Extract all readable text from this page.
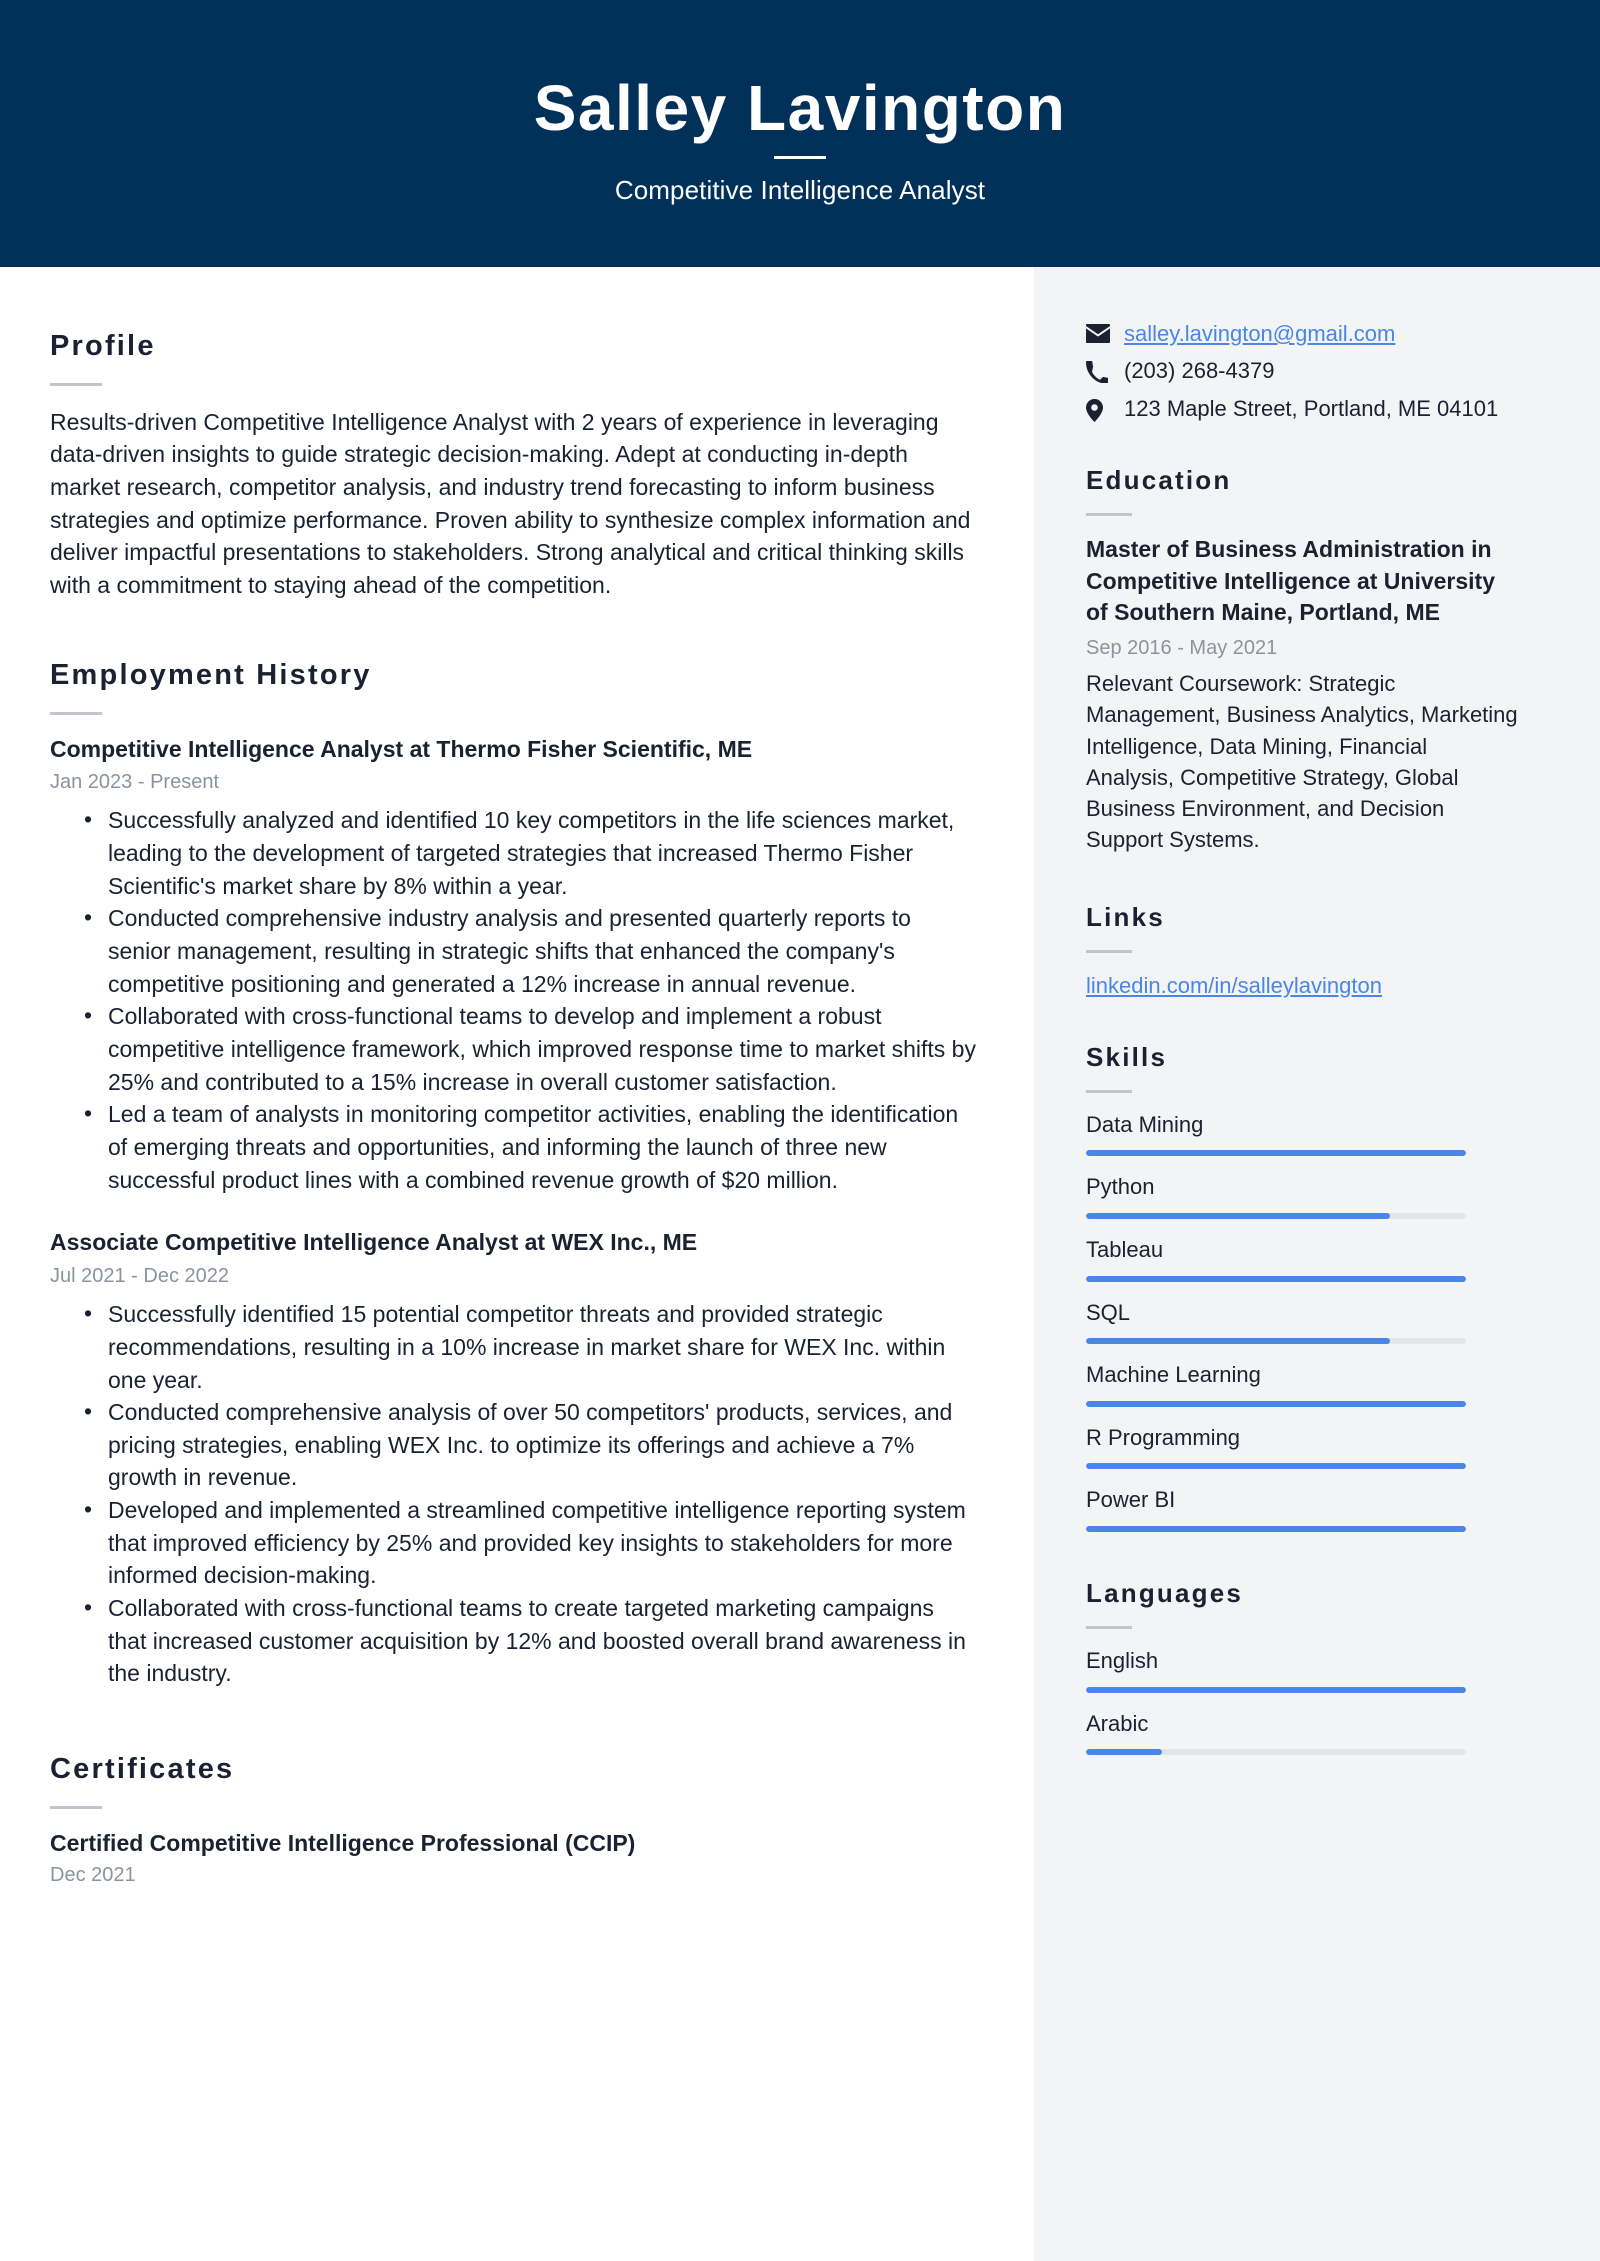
Salley Lavington
Competitive Intelligence Analyst
Profile
Results-driven Competitive Intelligence Analyst with 2 years of experience in leveraging data-driven insights to guide strategic decision-making. Adept at conducting in-depth market research, competitor analysis, and industry trend forecasting to inform business strategies and optimize performance. Proven ability to synthesize complex information and deliver impactful presentations to stakeholders. Strong analytical and critical thinking skills with a commitment to staying ahead of the competition.
Employment History
Competitive Intelligence Analyst at Thermo Fisher Scientific, ME
Jan 2023 - Present
• Successfully analyzed and identified 10 key competitors in the life sciences market, leading to the development of targeted strategies that increased Thermo Fisher Scientific's market share by 8% within a year.
• Conducted comprehensive industry analysis and presented quarterly reports to senior management, resulting in strategic shifts that enhanced the company's competitive positioning and generated a 12% increase in annual revenue.
• Collaborated with cross-functional teams to develop and implement a robust competitive intelligence framework, which improved response time to market shifts by 25% and contributed to a 15% increase in overall customer satisfaction.
• Led a team of analysts in monitoring competitor activities, enabling the identification of emerging threats and opportunities, and informing the launch of three new successful product lines with a combined revenue growth of $20 million.
Associate Competitive Intelligence Analyst at WEX Inc., ME
Jul 2021 - Dec 2022
• Successfully identified 15 potential competitor threats and provided strategic recommendations, resulting in a 10% increase in market share for WEX Inc. within one year.
• Conducted comprehensive analysis of over 50 competitors' products, services, and pricing strategies, enabling WEX Inc. to optimize its offerings and achieve a 7% growth in revenue.
• Developed and implemented a streamlined competitive intelligence reporting system that improved efficiency by 25% and provided key insights to stakeholders for more informed decision-making.
• Collaborated with cross-functional teams to create targeted marketing campaigns that increased customer acquisition by 12% and boosted overall brand awareness in the industry.
Certificates
Certified Competitive Intelligence Professional (CCIP)
Dec 2021
salley.lavington@gmail.com
(203) 268-4379
123 Maple Street, Portland, ME 04101
Education
Master of Business Administration in Competitive Intelligence at University of Southern Maine, Portland, ME
Sep 2016 - May 2021
Relevant Coursework: Strategic Management, Business Analytics, Marketing Intelligence, Data Mining, Financial Analysis, Competitive Strategy, Global Business Environment, and Decision Support Systems.
Links
linkedin.com/in/salleylavington
Skills
Data Mining
Python
Tableau
SQL
Machine Learning
R Programming
Power BI
Languages
English
Arabic
